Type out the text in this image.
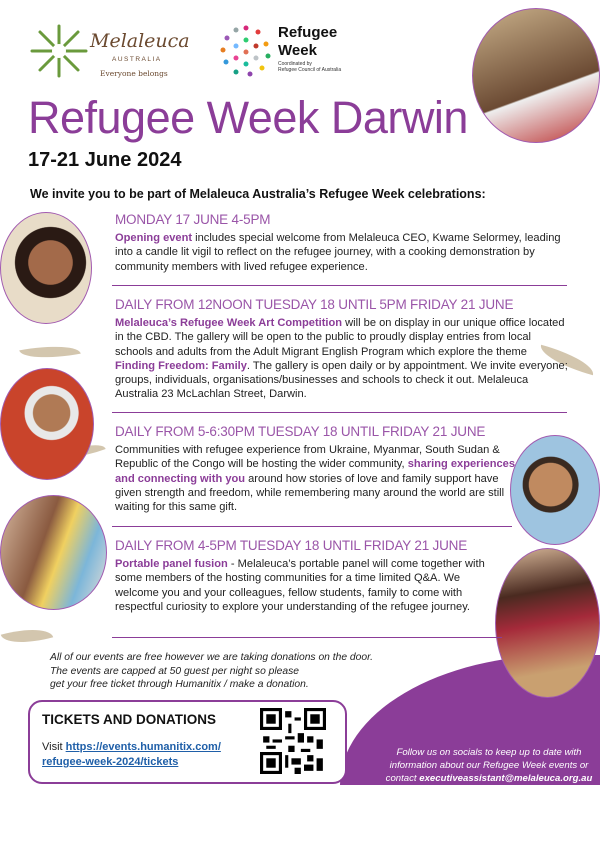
Melaleuca
AUSTRALIA
Everyone belongs
Refugee
Week
Coordinated by
Refugee Council of Australia
Refugee Week Darwin
17-21 June 2024
We invite you to be part of Melaleuca Australia’s Refugee Week celebrations:
MONDAY 17 JUNE 4-5PM

Opening event includes special welcome from Melaleuca CEO, Kwame Selormey, leading into a candle lit vigil to reflect on the refugee journey, with a cooking demonstration by community members with lived refugee experience.

DAILY FROM 12NOON TUESDAY 18 UNTIL 5PM FRIDAY 21 JUNE

Melaleuca’s Refugee Week Art Competition will be on display in our unique office located in the CBD. The gallery will be open to the public to proudly display entries from local schools and adults from the Adult Migrant English Program which explore the theme Finding Freedom: Family. The gallery is open daily or by appointment. We invite everyone; groups, individuals, organisations/businesses and schools to check it out. Melaleuca Australia 23 McLachlan Street, Darwin.

DAILY FROM 5-6:30PM TUESDAY 18 UNTIL FRIDAY 21 JUNE

Communities with refugee experience from Ukraine, Myanmar, South Sudan & Republic of the Congo will be hosting the wider community, sharing experiences and connecting with you around how stories of love and family support have given strength and freedom, while remembering many around the world are still waiting for this same gift.

DAILY FROM 4-5PM TUESDAY 18 UNTIL FRIDAY 21 JUNE

Portable panel fusion - Melaleuca’s portable panel will come together with some members of the hosting communities for a time limited Q&A. We welcome you and your colleagues, fellow students, family to come with respectful curiosity to explore your understanding of the refugee journey.

All of our events are free however we are taking donations on the door.
The events are capped at 50 guest per night so please
get your free ticket through Humanitix / make a donation.
TICKETS AND DONATIONS
Visit https://events.humanitix.com/
refugee-week-2024/tickets
Follow us on socials to keep up to date with information about our Refugee Week events or contact executiveassistant@melaleuca.org.au
